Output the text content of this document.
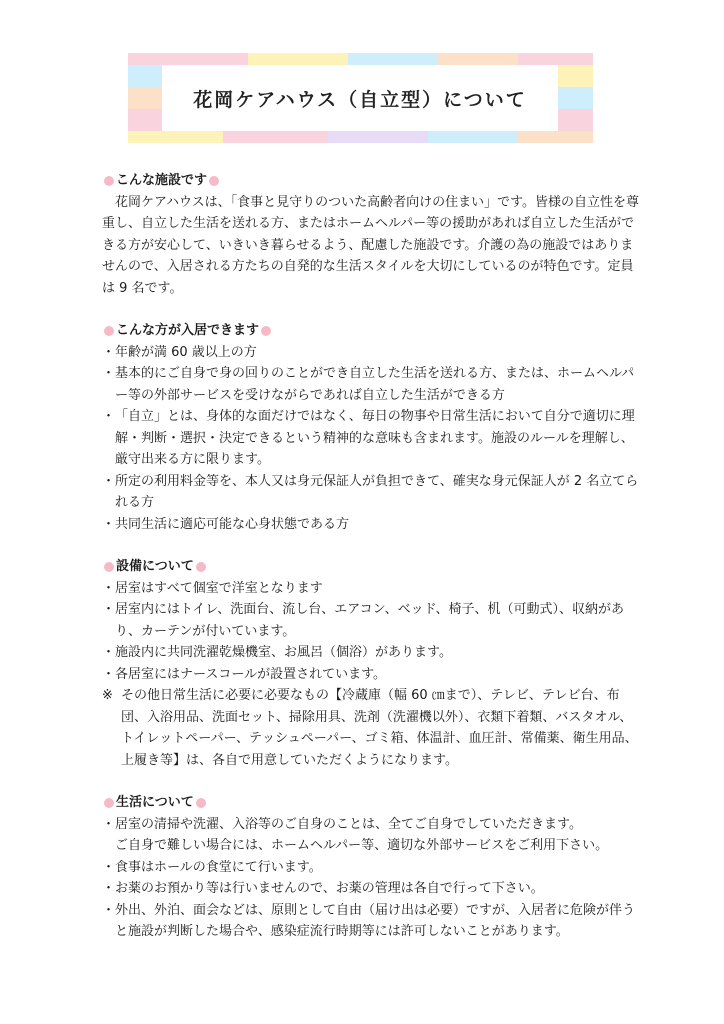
花岡ケアハウス（自立型）について
こんな施設です

花岡ケアハウスは、「食事と見守りのついた高齢者向けの住まい」です。皆様の自立性を尊重し、自立した生活を送れる方、またはホームヘルパー等の援助があれば自立した生活ができる方が安心して、いきいき暮らせるよう、配慮した施設です。介護の為の施設ではありませんので、入居される方たちの自発的な生活スタイルを大切にしているのが特色です。定員は 9 名です。

こんな方が入居できます
・ 年齢が満 60 歳以上の方
・ 基本的にご自身で身の回りのことができ自立した生活を送れる方、または、ホームヘルパー等の外部サービスを受けながらであれば自立した生活ができる方
・ 「自立」とは、身体的な面だけではなく、毎日の物事や日常生活において自分で適切に理解・判断・選択・決定できるという精神的な意味も含まれます。施設のルールを理解し、厳守出来る方に限ります。
・ 所定の利用料金等を、本人又は身元保証人が負担できて、確実な身元保証人が 2 名立てられる方
・ 共同生活に適応可能な心身状態である方
設備について
・ 居室はすべて個室で洋室となります
・ 居室内にはトイレ、洗面台、流し台、エアコン、ベッド、椅子、机（可動式）、収納があり、カーテンが付いています。
・ 施設内に共同洗濯乾燥機室、お風呂（個浴）があります。
・ 各居室にはナースコールが設置されています。
※ その他日常生活に必要に必要なもの【冷蔵庫（幅 60 ㎝まで）、テレビ、テレビ台、布団、入浴用品、洗面セット、掃除用具、洗剤（洗濯機以外）、衣類下着類、バスタオル、トイレットペーパー、テッシュペーパー、ゴミ箱、体温計、血圧計、常備薬、衛生用品、上履き等】は、各自で用意していただくようになります。
生活について
・ 居室の清掃や洗濯、入浴等のご自身のことは、全てご自身でしていただきます。
ご自身で難しい場合には、ホームヘルパー等、適切な外部サービスをご利用下さい。
・ 食事はホールの食堂にて行います。
・ お薬のお預かり等は行いませんので、お薬の管理は各自で行って下さい。
・ 外出、外泊、面会などは、原則として自由（届け出は必要）ですが、入居者に危険が伴うと施設が判断した場合や、感染症流行時期等には許可しないことがあります。
